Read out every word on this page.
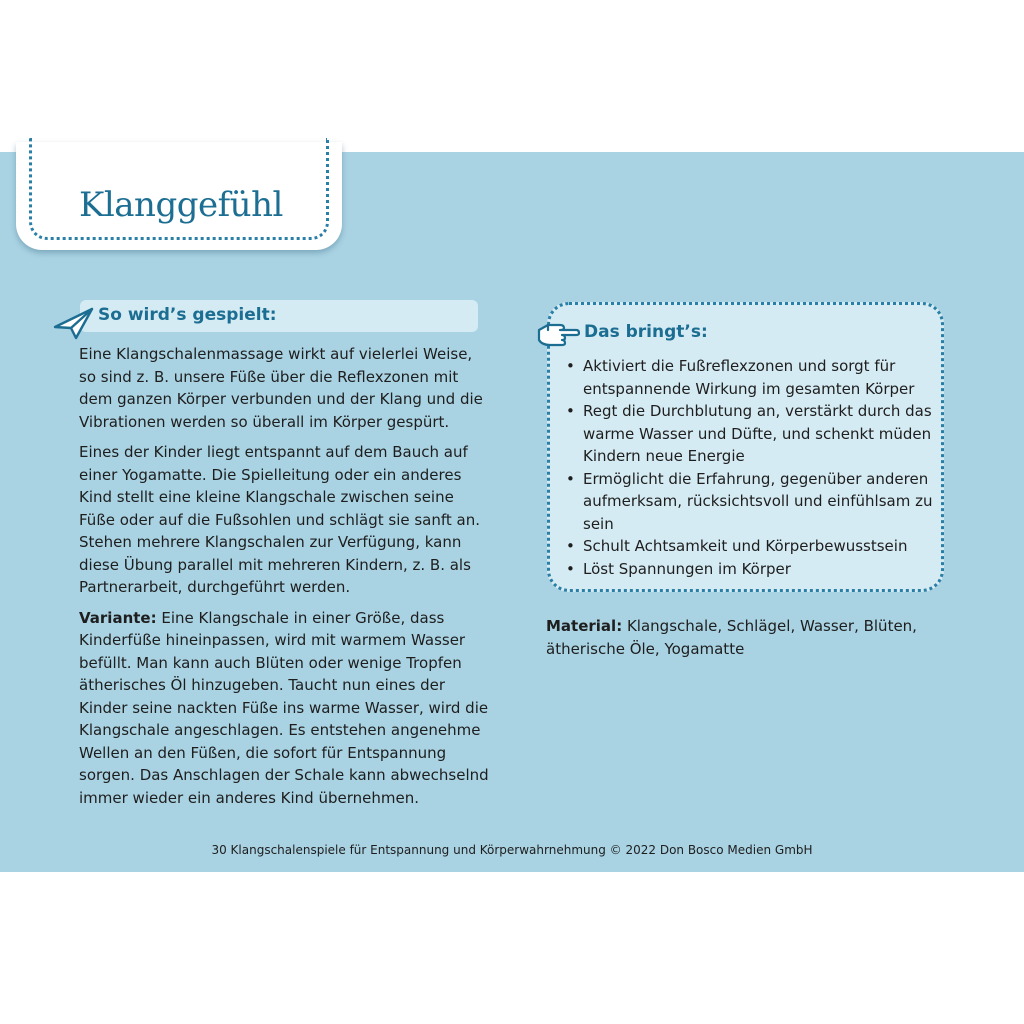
Klanggefühl
So wird’s gespielt:

Eine Klangschalenmassage wirkt auf vielerlei Weise, so sind z. B. unsere Füße über die Reflexzonen mit dem ganzen Körper verbunden und der Klang und die Vibrationen werden so überall im Körper gespürt.

Eines der Kinder liegt entspannt auf dem Bauch auf einer Yogamatte. Die Spielleitung oder ein anderes Kind stellt eine kleine Klangschale zwischen seine Füße oder auf die Fußsohlen und schlägt sie sanft an. Stehen mehrere Klangschalen zur Verfügung, kann diese Übung parallel mit mehreren Kindern, z. B. als Partnerarbeit, durchgeführt werden.

Variante: Eine Klangschale in einer Größe, dass Kinderfüße hineinpassen, wird mit warmem Wasser befüllt. Man kann auch Blüten oder wenige Tropfen ätherisches Öl hinzugeben. Taucht nun eines der Kinder seine nackten Füße ins warme Wasser, wird die Klangschale angeschlagen. Es entstehen angenehme Wellen an den Füßen, die sofort für Entspannung sorgen. Das Anschlagen der Schale kann abwechselnd immer wieder ein anderes Kind übernehmen.

Das bringt’s:
• Aktiviert die Fußreflexzonen und sorgt für entspannende Wirkung im gesamten Körper
• Regt die Durchblutung an, verstärkt durch das warme Wasser und Düfte, und schenkt müden Kindern neue Energie
• Ermöglicht die Erfahrung, gegenüber anderen aufmerksam, rücksichtsvoll und einfühlsam zu sein
• Schult Achtsamkeit und Körperbewusstsein
• Löst Spannungen im Körper
Material: Klangschale, Schlägel, Wasser, Blüten, ätherische Öle, Yogamatte
30 Klangschalenspiele für Entspannung und Körperwahrnehmung © 2022 Don Bosco Medien GmbH
